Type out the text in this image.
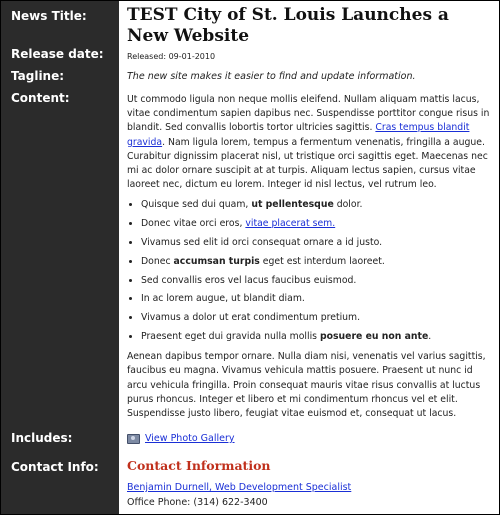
News Title:
Release date:
Tagline:
Content:
Includes:
Contact Info:
TEST City of St. Louis Launches a New Website
Released: 09-01-2010
The new site makes it easier to find and update information.

Ut commodo ligula non neque mollis eleifend. Nullam aliquam mattis lacus, vitae condimentum sapien dapibus nec. Suspendisse porttitor congue risus in blandit. Sed convallis lobortis tortor ultricies sagittis. Cras tempus blandit gravida. Nam ligula lorem, tempus a fermentum venenatis, fringilla a augue. Curabitur dignissim placerat nisl, ut tristique orci sagittis eget. Maecenas nec mi ac dolor ornare suscipit at at turpis. Aliquam lectus sapien, cursus vitae laoreet nec, dictum eu lorem. Integer id nisl lectus, vel rutrum leo.

• Quisque sed dui quam, ut pellentesque dolor.
• Donec vitae orci eros, vitae placerat sem.
• Vivamus sed elit id orci consequat ornare a id justo.
• Donec accumsan turpis eget est interdum laoreet.
• Sed convallis eros vel lacus faucibus euismod.
• In ac lorem augue, ut blandit diam.
• Vivamus a dolor ut erat condimentum pretium.
• Praesent eget dui gravida nulla mollis posuere eu non ante.

Aenean dapibus tempor ornare. Nulla diam nisi, venenatis vel varius sagittis, faucibus eu magna. Vivamus vehicula mattis posuere. Praesent ut nunc id arcu vehicula fringilla. Proin consequat mauris vitae risus convallis at luctus purus rhoncus. Integer et libero et mi condimentum rhoncus vel et elit. Suspendisse justo libero, feugiat vitae euismod et, consequat ut lacus.

View Photo Gallery
Contact Information
Benjamin Durnell, Web Development Specialist
Office Phone: (314) 622-3400
